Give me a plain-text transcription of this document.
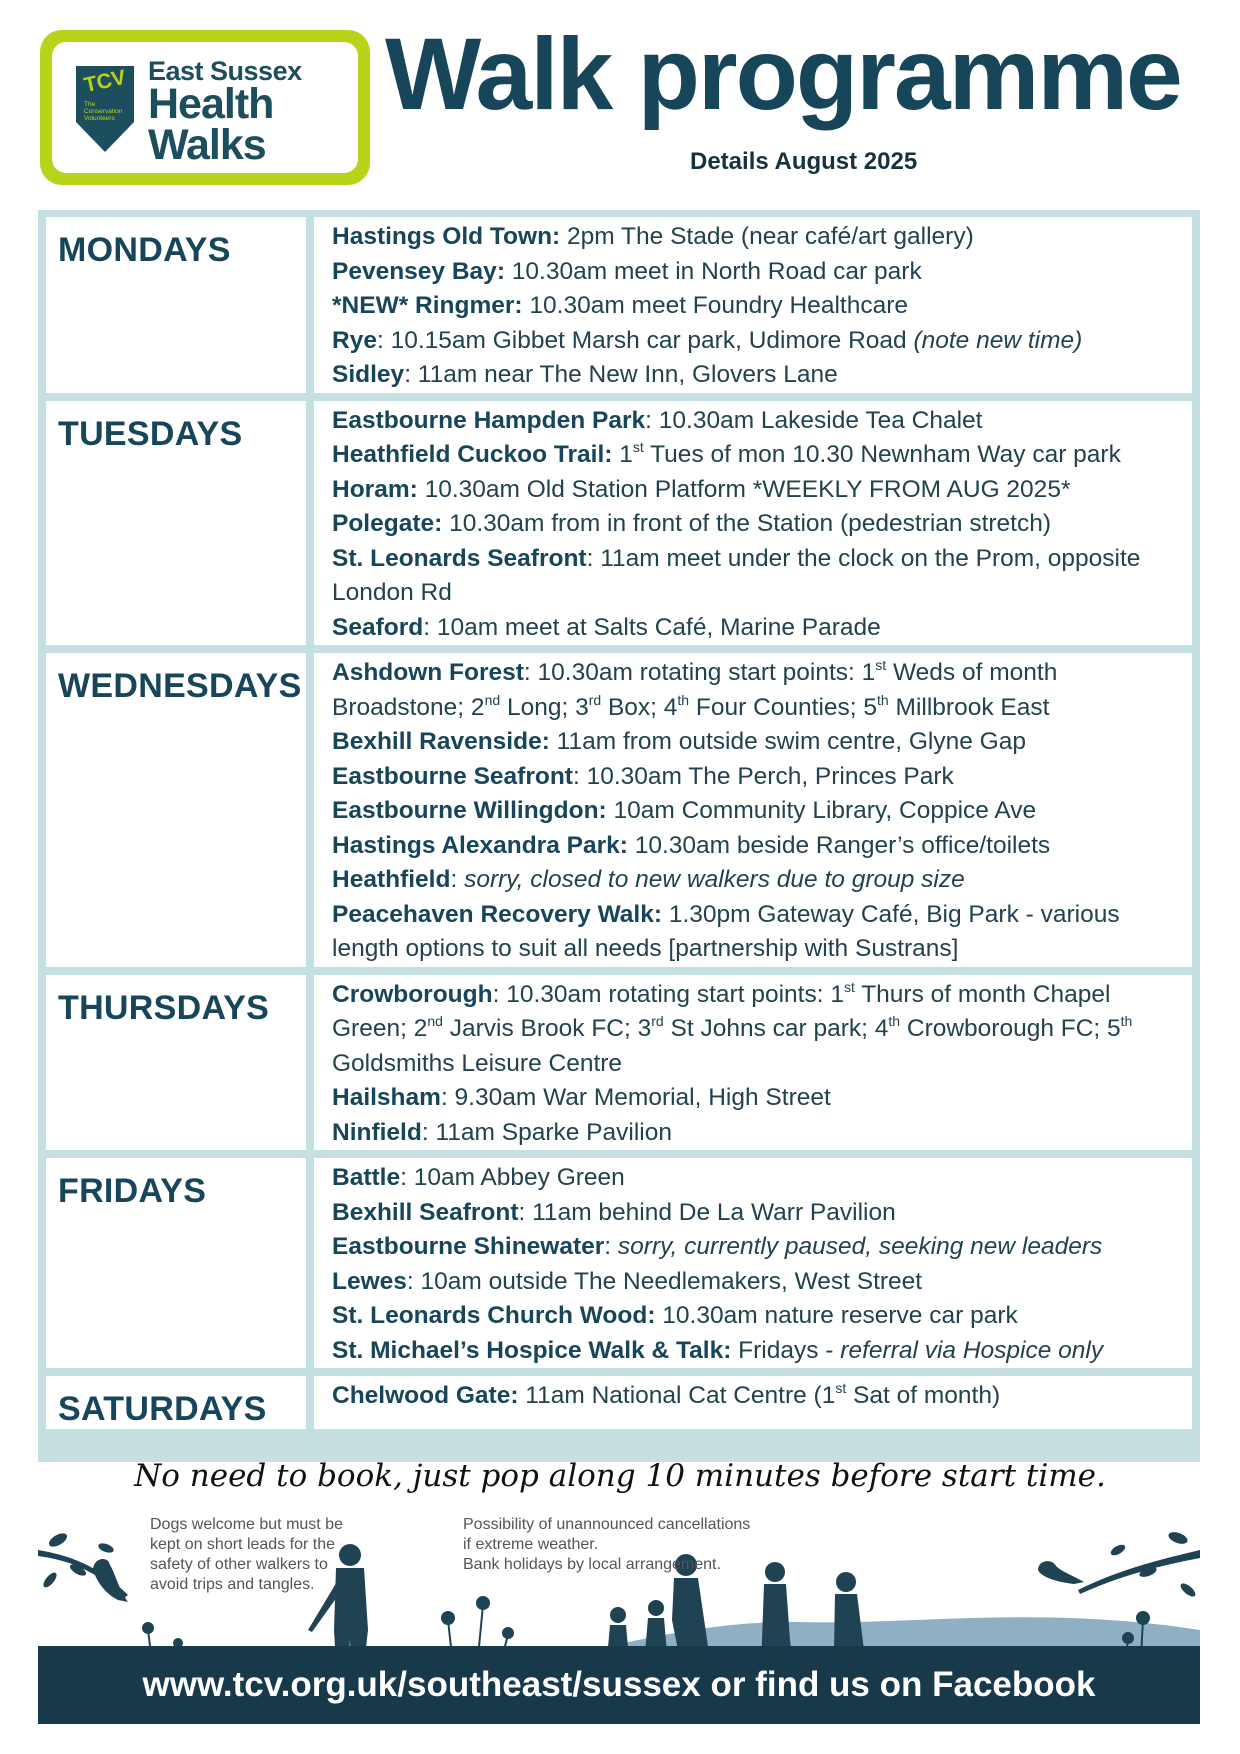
TCV
The
Conservation
Volunteers
East Sussex
Health
Walks
Walk programme
Details August 2025
MONDAYS	Hastings Old Town: 2pm The Stade (near café/art gallery)
Pevensey Bay: 10.30am meet in North Road car park
*NEW* Ringmer: 10.30am meet Foundry Healthcare
Rye: 10.15am Gibbet Marsh car park, Udimore Road (note new time)
Sidley: 11am near The New Inn, Glovers Lane
TUESDAYS	Eastbourne Hampden Park: 10.30am Lakeside Tea Chalet
Heathfield Cuckoo Trail: 1st Tues of mon 10.30 Newnham Way car park
Horam: 10.30am Old Station Platform *WEEKLY FROM AUG 2025*
Polegate: 10.30am from in front of the Station (pedestrian stretch)
St. Leonards Seafront: 11am meet under the clock on the Prom, opposite London Rd
Seaford: 10am meet at Salts Café, Marine Parade
WEDNESDAYS Ashdown Forest: 10.30am rotating start points: 1st Weds of month Broadstone; 2nd Long; 3rd Box; 4th Four Counties; 5th Millbrook East
Bexhill Ravenside: 11am from outside swim centre, Glyne Gap
Eastbourne Seafront: 10.30am The Perch, Princes Park
Eastbourne Willingdon: 10am Community Library, Coppice Ave
Hastings Alexandra Park: 10.30am beside Ranger’s office/toilets
Heathfield: sorry, closed to new walkers due to group size
Peacehaven Recovery Walk: 1.30pm Gateway Café, Big Park - various length options to suit all needs [partnership with Sustrans]
THURSDAYS	Crowborough: 10.30am rotating start points: 1st Thurs of month Chapel Green; 2nd Jarvis Brook FC; 3rd St Johns car park; 4th Crowborough FC; 5th Goldsmiths Leisure Centre
Hailsham: 9.30am War Memorial, High Street
Ninfield: 11am Sparke Pavilion
FRIDAYS	Battle: 10am Abbey Green
Bexhill Seafront: 11am behind De La Warr Pavilion
Eastbourne Shinewater: sorry, currently paused, seeking new leaders
Lewes: 10am outside The Needlemakers, West Street
St. Leonards Church Wood: 10.30am nature reserve car park
St. Michael’s Hospice Walk & Talk: Fridays - referral via Hospice only
SATURDAYS	Chelwood Gate: 11am National Cat Centre (1st Sat of month)
No need to book, just pop along 10 minutes before start time.
Dogs welcome but must be
kept on short leads for the
safety of other walkers to
avoid trips and tangles.
Possibility of unannounced cancellations
if extreme weather.
Bank holidays by local arrangement.
www.tcv.org.uk/southeast/sussex or find us on Facebook
